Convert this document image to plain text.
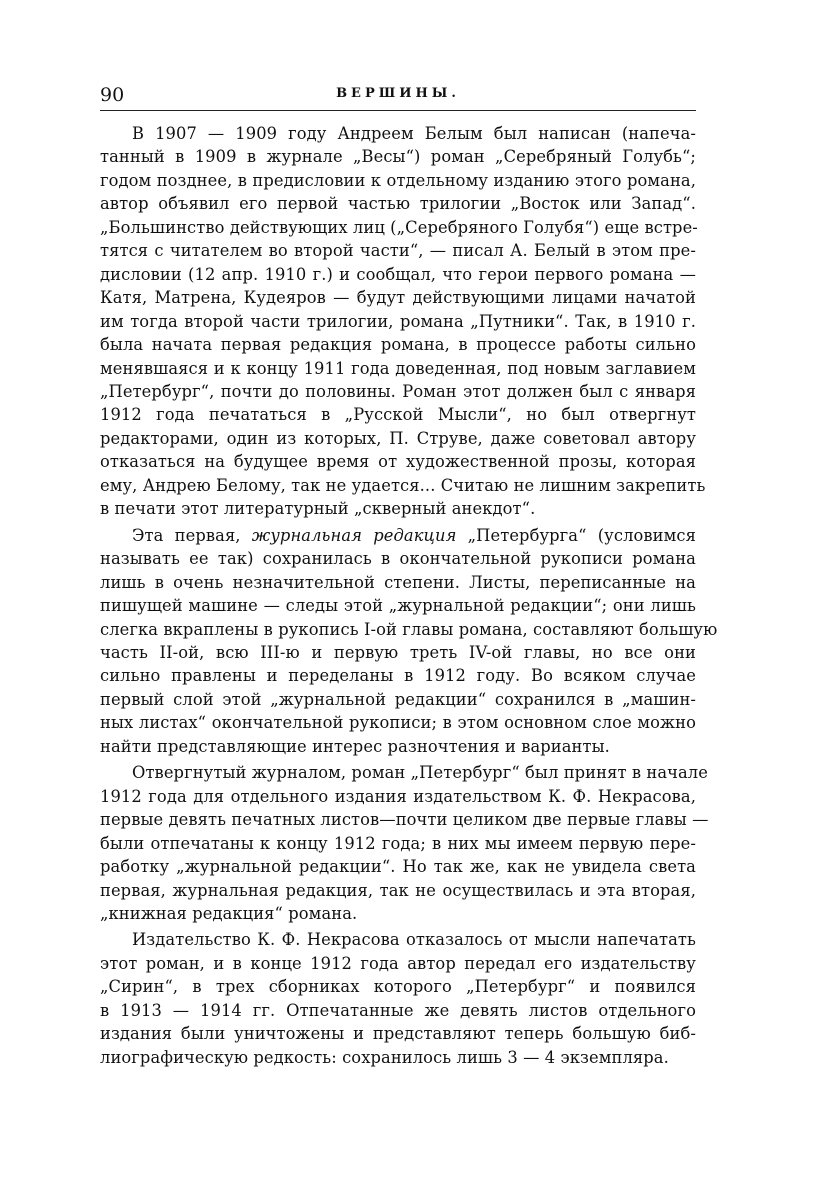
90	ВЕРШИНЫ.
В 1907 — 1909 году Андреем Белым был написан (напеча-
танный в 1909 в журнале „Весы“) роман „Серебряный Голубь“;
годом позднее, в предисловии к отдельному изданию этого романа,
автор объявил его первой частью трилогии „Восток или Запад“.
„Большинство действующих лиц („Серебряного Голубя“) еще встре-
тятся с читателем во второй части“, — писал А. Белый в этом пре-
дисловии (12 апр. 1910 г.) и сообщал, что герои первого романа —
Катя, Матрена, Кудеяров — будут действующими лицами начатой
им тогда второй части трилогии, романа „Путники“. Так, в 1910 г.
была начата первая редакция романа, в процессе работы сильно
менявшаяся и к концу 1911 года доведенная, под новым заглавием
„Петербург“, почти до половины. Роман этот должен был с января
1912 года печататься в „Русской Мысли“, но был отвергнут
редакторами, один из которых, П. Струве, даже советовал автору
отказаться на будущее время от художественной прозы, которая
ему, Андрею Белому, так не удается... Считаю не лишним закрепить
в печати этот литературный „скверный анекдот“.
Эта первая, журнальная редакция „Петербурга“ (условимся
называть ее так) сохранилась в окончательной рукописи романа
лишь в очень незначительной степени. Листы, переписанные на
пишущей машине — следы этой „журнальной редакции“; они лишь
слегка вкраплены в рукопись I-ой главы романа, составляют большую
часть II-ой, всю III-ю и первую треть IV-ой главы, но все они
сильно правлены и переделаны в 1912 году. Во всяком случае
первый слой этой „журнальной редакции“ сохранился в „машин-
ных листах“ окончательной рукописи; в этом основном слое можно
найти представляющие интерес разночтения и варианты.
Отвергнутый журналом, роман „Петербург“ был принят в начале
1912 года для отдельного издания издательством К. Ф. Некрасова,
первые девять печатных листов—почти целиком две первые главы —
были отпечатаны к концу 1912 года; в них мы имеем первую пере-
работку „журнальной редакции“. Но так же, как не увидела света
первая, журнальная редакция, так не осуществилась и эта вторая,
„книжная редакция“ романа.
Издательство К. Ф. Некрасова отказалось от мысли напечатать
этот роман, и в конце 1912 года автор передал его издательству
„Сирин“, в трех сборниках которого „Петербург“ и появился
в 1913 — 1914 гг. Отпечатанные же девять листов отдельного
издания были уничтожены и представляют теперь большую биб-
лиографическую редкость: сохранилось лишь 3 — 4 экземпляра.
